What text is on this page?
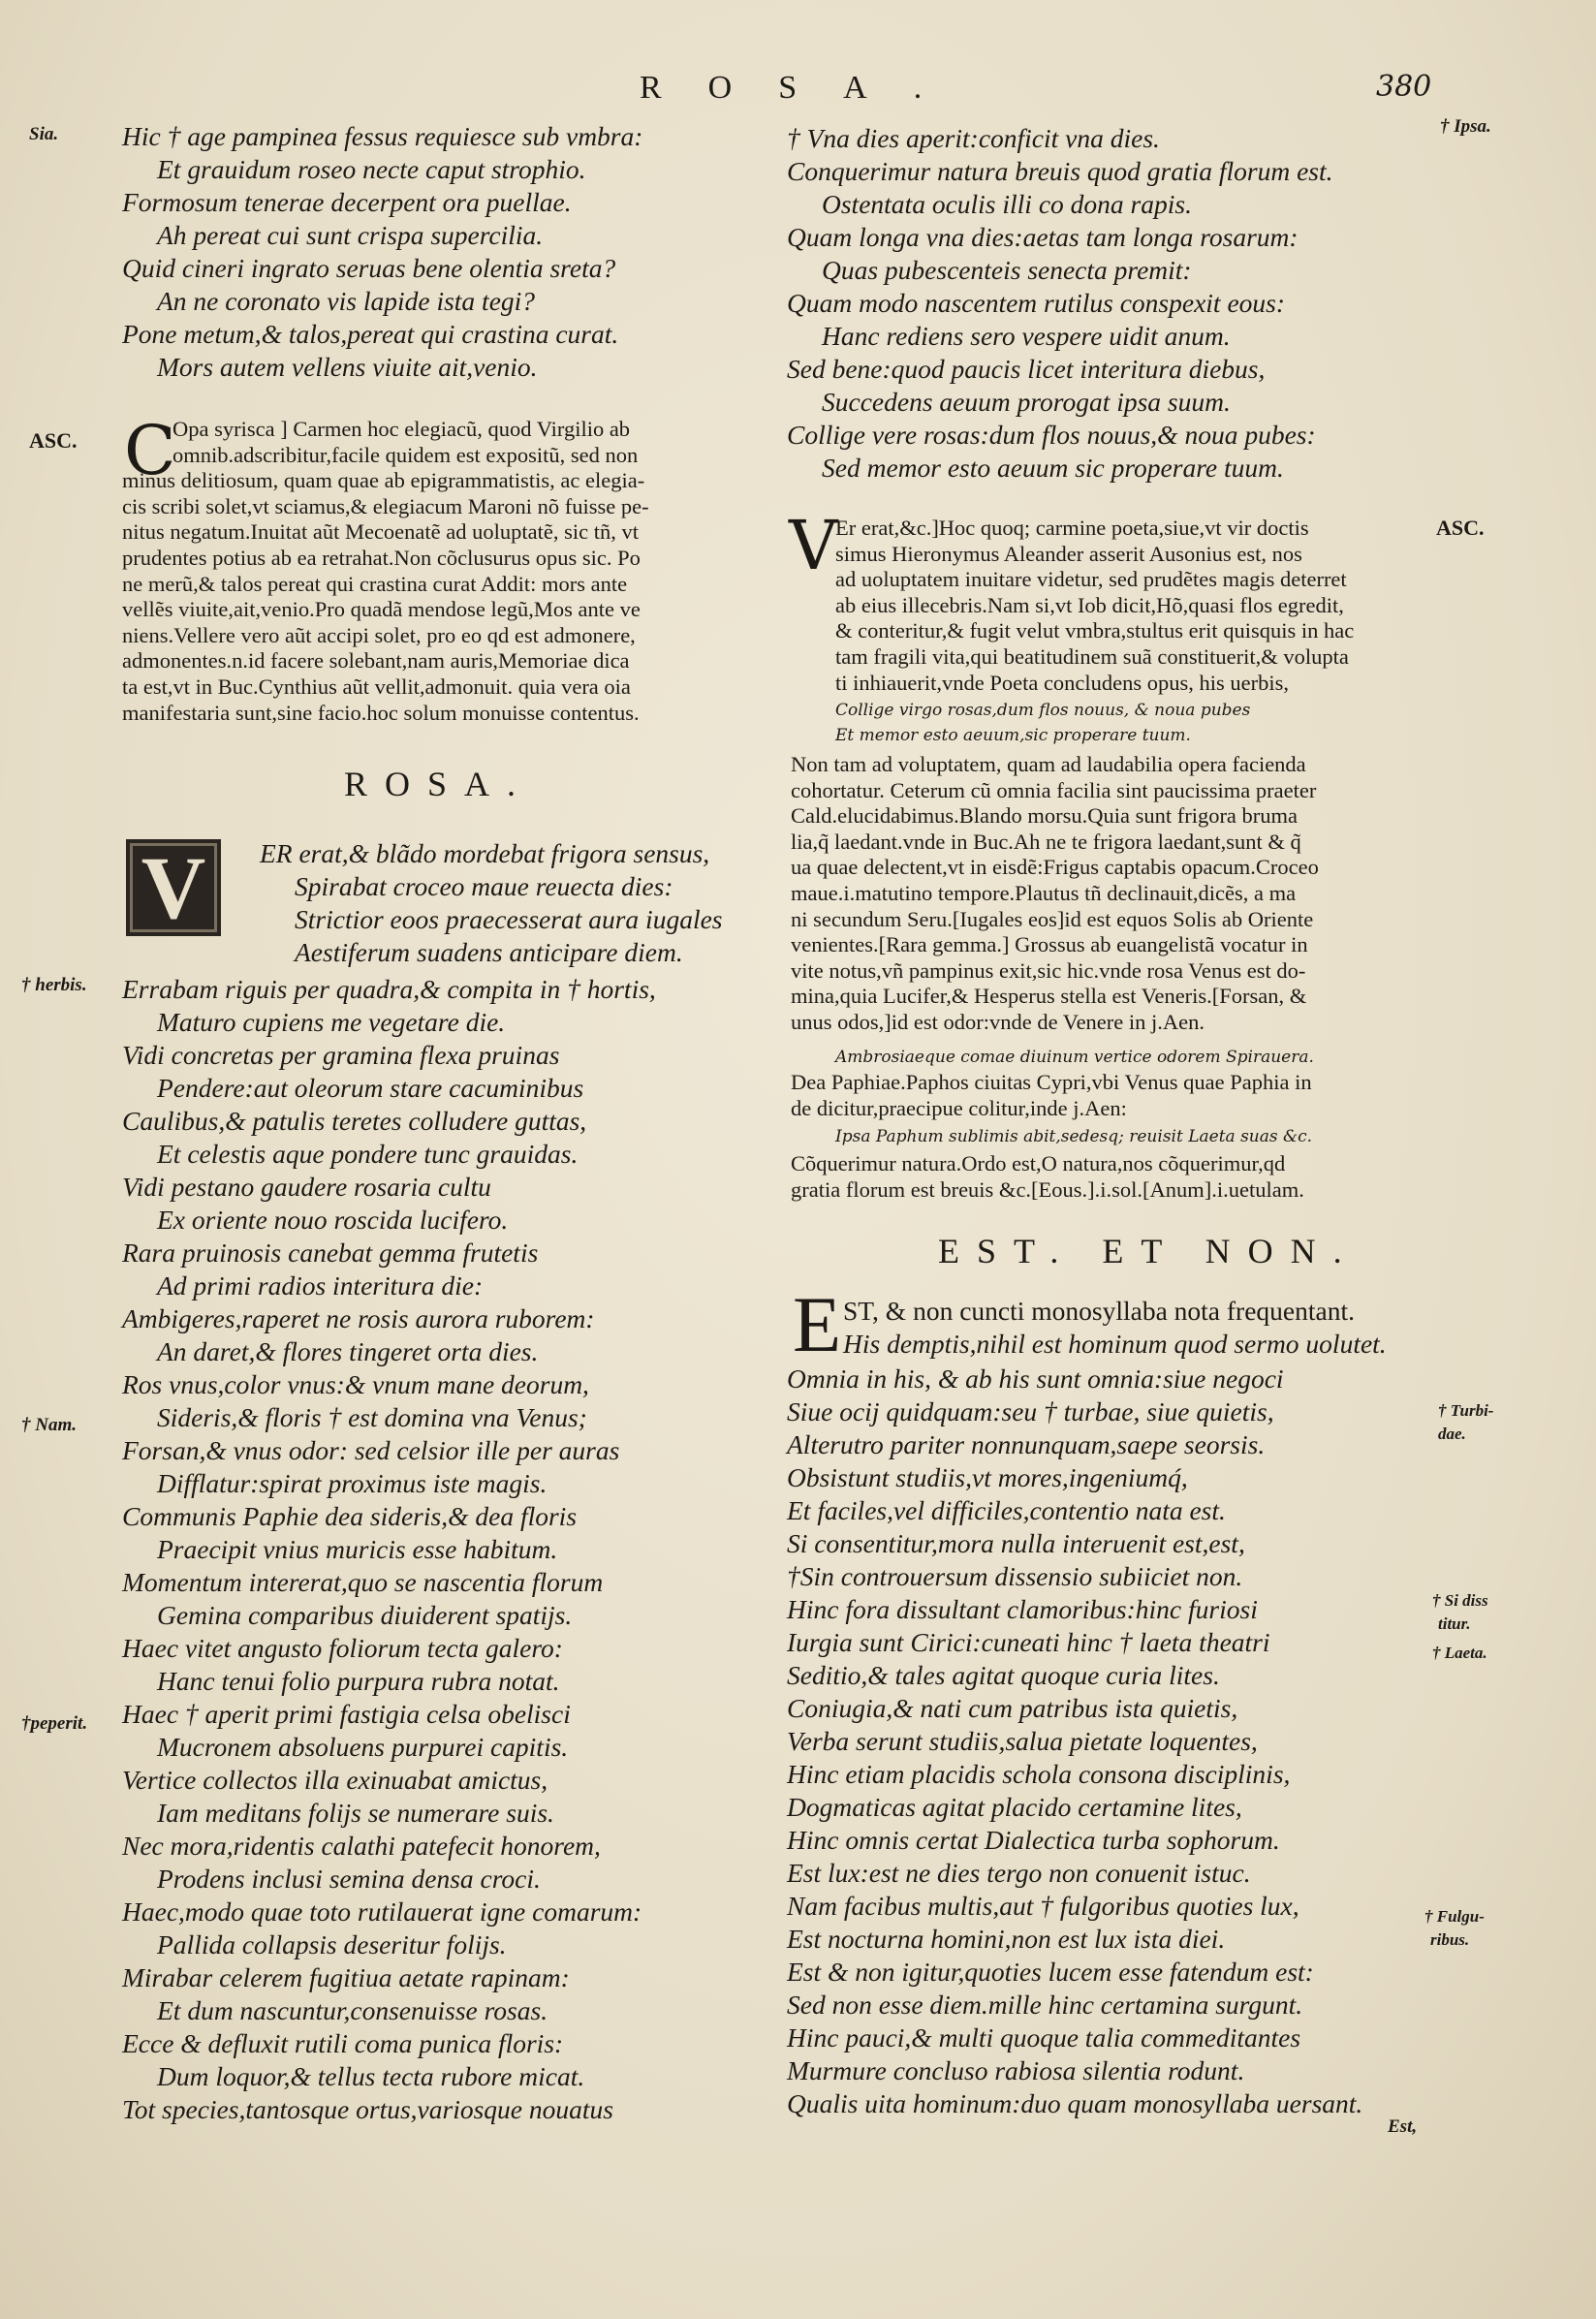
ROSA.	380
Sia. Hic † age pampinea fessus requiesce sub vmbra:
Et grauidum roseo necte caput strophio.
Formosum tenerae decerpent ora puellae.
Ah pereat cui sunt crispa supercilia.
Quid cineri ingrato seruas bene olentia sreta?
An ne coronato vis lapide ista tegi?
Pone metum,& talos,pereat qui crastina curat.
Mors autem vellens viuite ait,venio.
ASC. C
Opa syrisca ] Carmen hoc elegiacũ, quod Virgilio ab
omnib.adscribitur,facile quidem est expositũ, sed non
minus delitiosum, quam quae ab epigrammatistis, ac elegia-
cis scribi solet,vt sciamus,& elegiacum Maroni nõ fuisse pe-
nitus negatum.Inuitat aũt Mecoenatẽ ad uoluptatẽ, sic tñ, vt
prudentes potius ab ea retrahat.Non cõclusurus opus sic. Po
ne merũ,& talos pereat qui crastina curat Addit: mors ante
vellẽs viuite,ait,venio.Pro quadã mendose legũ,Mos ante ve
niens.Vellere vero aũt accipi solet, pro eo qd est admonere,
admonentes.n.id facere solebant,nam auris,Memoriae dica
ta est,vt in Buc.Cynthius aũt vellit,admonuit. quia vera oia
manifestaria sunt,sine facio.hoc solum monuisse contentus.
ROSA.
V	ER erat,& blãdo mordebat frigora sensus,
Spirabat croceo maue reuecta dies:
Strictior eoos praecesserat aura iugales
Aestiferum suadens anticipare diem.
† herbis.
† Nam.
†peperit.
Errabam riguis per quadra,& compita in † hortis,
Maturo cupiens me vegetare die.
Vidi concretas per gramina flexa pruinas
Pendere:aut oleorum stare cacuminibus
Caulibus,& patulis teretes colludere guttas,
Et celestis aque pondere tunc grauidas.
Vidi pestano gaudere rosaria cultu
Ex oriente nouo roscida lucifero.
Rara pruinosis canebat gemma frutetis
Ad primi radios interitura die:
Ambigeres,raperet ne rosis aurora ruborem:
An daret,& flores tingeret orta dies.
Ros vnus,color vnus:& vnum mane deorum,
Sideris,& floris † est domina vna Venus;
Forsan,& vnus odor: sed celsior ille per auras
Difflatur:spirat proximus iste magis.
Communis Paphie dea sideris,& dea floris
Praecipit vnius muricis esse habitum.
Momentum intererat,quo se nascentia florum
Gemina comparibus diuiderent spatijs.
Haec vitet angusto foliorum tecta galero:
Hanc tenui folio purpura rubra notat.
Haec † aperit primi fastigia celsa obelisci
Mucronem absoluens purpurei capitis.
Vertice collectos illa exinuabat amictus,
Iam meditans folijs se numerare suis.
Nec mora,ridentis calathi patefecit honorem,
Prodens inclusi semina densa croci.
Haec,modo quae toto rutilauerat igne comarum:
Pallida collapsis deseritur folijs.
Mirabar celerem fugitiua aetate rapinam:
Et dum nascuntur,consenuisse rosas.
Ecce & defluxit rutili coma punica floris:
Dum loquor,& tellus tecta rubore micat.
Tot species,tantosque ortus,variosque nouatus
† Ipsa.
† Vna dies aperit:conficit vna dies.
Conquerimur natura breuis quod gratia florum est.
Ostentata oculis illi co dona rapis.
Quam longa vna dies:aetas tam longa rosarum:
Quas pubescenteis senecta premit:
Quam modo nascentem rutilus conspexit eous:
Hanc rediens sero vespere uidit anum.
Sed bene:quod paucis licet interitura diebus,
Succedens aeuum prorogat ipsa suum.
Collige vere rosas:dum flos nouus,& noua pubes:
Sed memor esto aeuum sic properare tuum.
ASC.
V
Er erat,&c.]Hoc quoq; carmine poeta,siue,vt vir doctis
simus Hieronymus Aleander asserit Ausonius est, nos
ad uoluptatem inuitare videtur, sed prudẽtes magis deterret
ab eius illecebris.Nam si,vt Iob dicit,Hõ,quasi flos egredit,
& conteritur,& fugit velut vmbra,stultus erit quisquis in hac
tam fragili vita,qui beatitudinem suã constituerit,& volupta
ti inhiauerit,vnde Poeta concludens opus, his uerbis,
Collige virgo rosas,dum flos nouus, & noua pubes
Et memor esto aeuum,sic properare tuum.
Non tam ad voluptatem, quam ad laudabilia opera facienda
cohortatur. Ceterum cũ omnia facilia sint paucissima praeter
Cald.elucidabimus.Blando morsu.Quia sunt frigora bruma
lia,q̃ laedant.vnde in Buc.Ah ne te frigora laedant,sunt & q̃
ua quae delectent,vt in eisdẽ:Frigus captabis opacum.Croceo
maue.i.matutino tempore.Plautus tñ declinauit,dicẽs, a ma
ni secundum Seru.[Iugales eos]id est equos Solis ab Oriente
venientes.[Rara gemma.] Grossus ab euangelistã vocatur in
vite notus,vñ pampinus exit,sic hic.vnde rosa Venus est do-
mina,quia Lucifer,& Hesperus stella est Veneris.[Forsan, &
unus odos,]id est odor:vnde de Venere in j.Aen.
Ambrosiaeque comae diuinum vertice odorem Spirauera.
Dea Paphiae.Paphos ciuitas Cypri,vbi Venus quae Paphia in
de dicitur,praecipue colitur,inde j.Aen:
Ipsa Paphum sublimis abit,sedesq; reuisit Laeta suas &c.
Cõquerimur natura.Ordo est,O natura,nos cõquerimur,qd
gratia florum est breuis &c.[Eous.].i.sol.[Anum].i.uetulam.
EST. ET NON.
E ST, & non cuncti monosyllaba nota frequentant.
His demptis,nihil est hominum quod sermo uolutet.
Omnia in his, & ab his sunt omnia:siue negoci
Siue ocij quidquam:seu † turbae, siue quietis,
Alterutro pariter nonnunquam,saepe seorsis.
Obsistunt studiis,vt mores,ingeniumq́,
Et faciles,vel difficiles,contentio nata est.
Si consentitur,mora nulla interuenit est,est,
†Sin controuersum dissensio subiiciet non.
Hinc fora dissultant clamoribus:hinc furiosi
Iurgia sunt Cirici:cuneati hinc † laeta theatri
Seditio,& tales agitat quoque curia lites.
Coniugia,& nati cum patribus ista quietis,
Verba serunt studiis,salua pietate loquentes,
Hinc etiam placidis schola consona disciplinis,
Dogmaticas agitat placido certamine lites,
Hinc omnis certat Dialectica turba sophorum.
Est lux:est ne dies tergo non conuenit istuc.
Nam facibus multis,aut † fulgoribus quoties lux,
Est nocturna homini,non est lux ista diei.
Est & non igitur,quoties lucem esse fatendum est:
Sed non esse diem.mille hinc certamina surgunt.
Hinc pauci,& multi quoque talia commeditantes
Murmure concluso rabiosa silentia rodunt.
Qualis uita hominum:duo quam monosyllaba uersant.
Est,
† Turbi-
dae.
† Si diss
titur.
† Laeta.
† Fulgu-
ribus.
